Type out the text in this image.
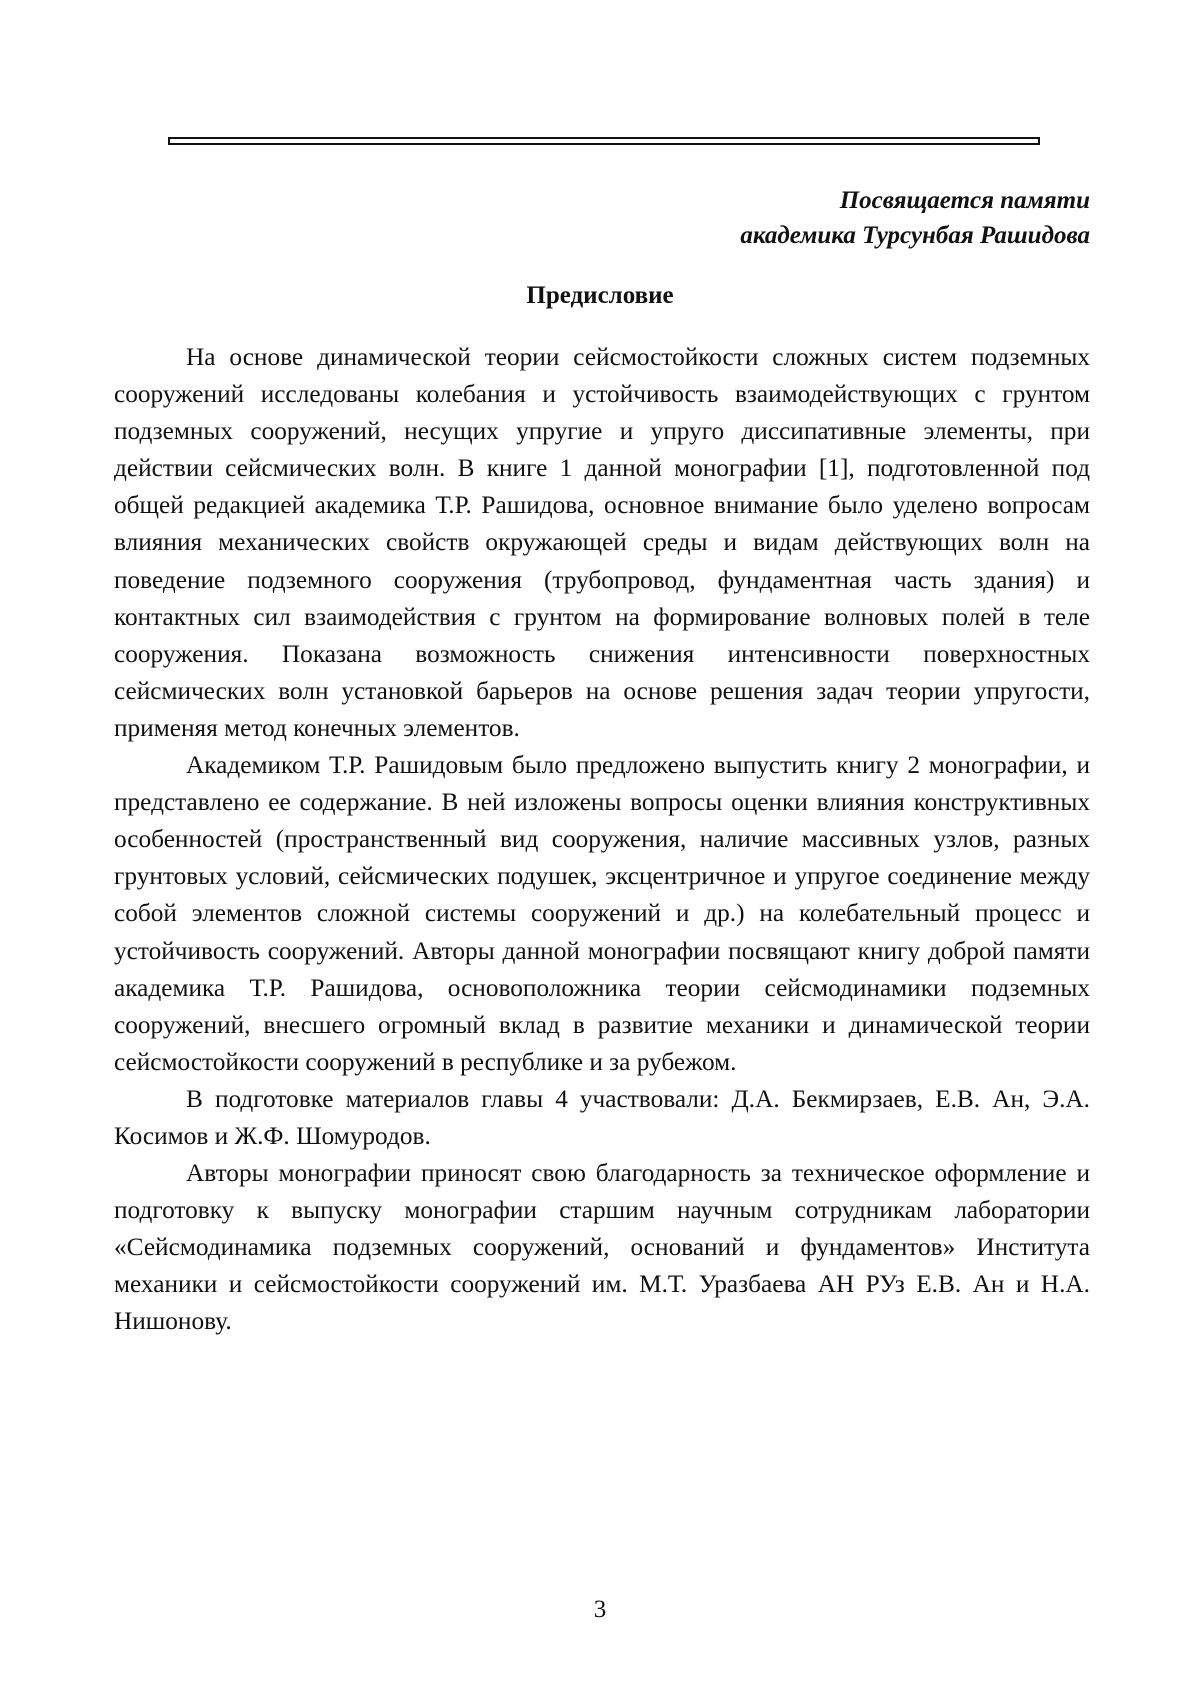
Посвящается памяти
академика Турсунбая Рашидова
Предисловие

На основе динамической теории сейсмостойкости сложных систем подземных сооружений исследованы колебания и устойчивость взаимодействующих с грунтом подземных сооружений, несущих упругие и упруго диссипативные элементы, при действии сейсмических волн. В книге 1 данной монографии [1], подготовленной под общей редакцией академика Т.Р. Рашидова, основное внимание было уделено вопросам влияния механических свойств окружающей среды и видам действующих волн на поведение подземного сооружения (трубопровод, фундаментная часть здания) и контактных сил взаимодействия с грунтом на формирование волновых полей в теле сооружения. Показана возможность снижения интенсивности поверхностных сейсмических волн установкой барьеров на основе решения задач теории упругости, применяя метод конечных элементов.

Академиком Т.Р. Рашидовым было предложено выпустить книгу 2 монографии, и представлено ее содержание. В ней изложены вопросы оценки влияния конструктивных особенностей (пространственный вид сооружения, наличие массивных узлов, разных грунтовых условий, сейсмических подушек, эксцентричное и упругое соединение между собой элементов сложной системы сооружений и др.) на колебательный процесс и устойчивость сооружений. Авторы данной монографии посвящают книгу доброй памяти академика Т.Р. Рашидова, основоположника теории сейсмодинамики подземных сооружений, внесшего огромный вклад в развитие механики и динамической теории сейсмостойкости сооружений в республике и за рубежом.

В подготовке материалов главы 4 участвовали: Д.А. Бекмирзаев, Е.В. Ан, Э.А. Косимов и Ж.Ф. Шомуродов.

Авторы монографии приносят свою благодарность за техническое оформление и подготовку к выпуску монографии старшим научным сотрудникам лаборатории «Сейсмодинамика подземных сооружений, оснований и фундаментов» Института механики и сейсмостойкости сооружений им. М.Т. Уразбаева АН РУз Е.В. Ан и Н.А. Нишонову.

3
